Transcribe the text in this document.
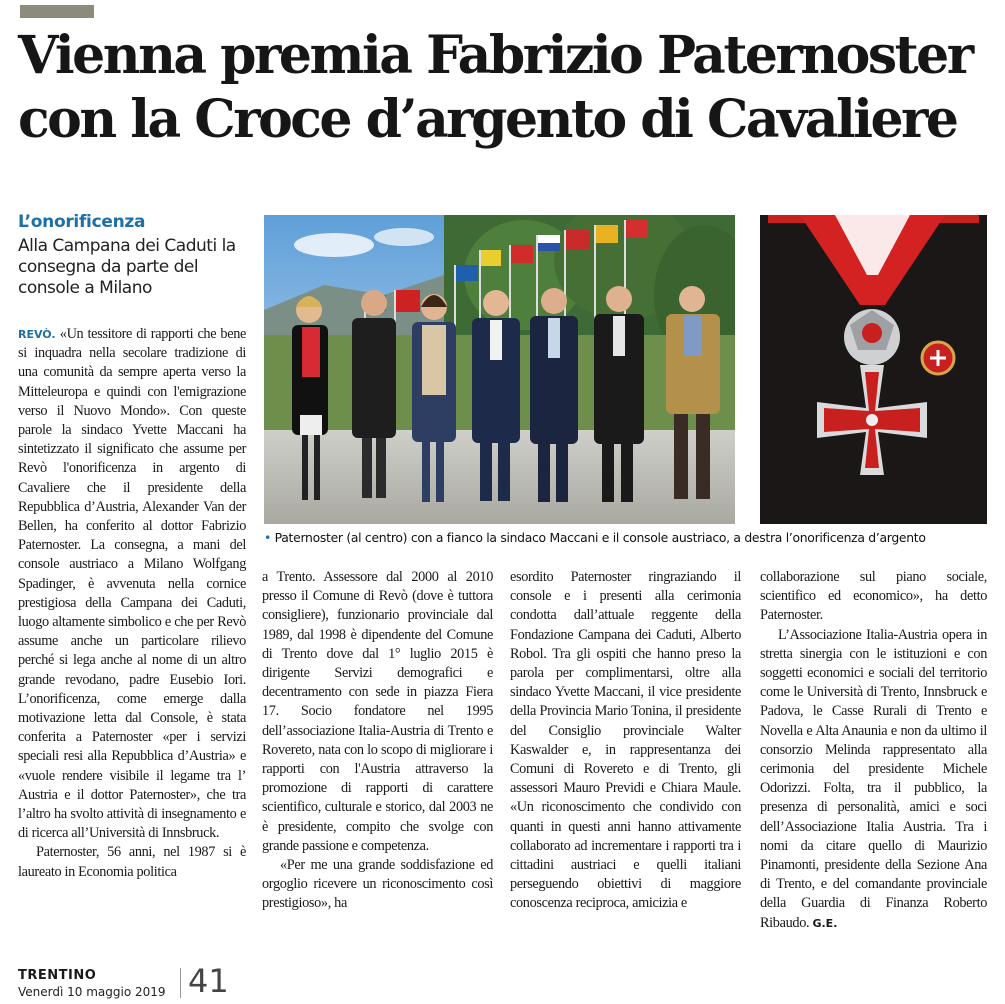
Vienna premia Fabrizio Paternoster
con la Croce d’argento di Cavaliere
L’onorificenza
Alla Campana dei Caduti la consegna da parte del console a Milano

REVÒ. «Un tessitore di rapporti che bene si inquadra nella secolare tradizione di una comunità da sempre aperta verso la Mitteleuropa e quindi con l'emigrazione verso il Nuovo Mondo». Con queste parole la sindaco Yvette Maccani ha sintetizzato il significato che assume per Revò l'onorificenza in argento di Cavaliere che il presidente della Repubblica d’Austria, Alexander Van der Bellen, ha conferito al dottor Fabrizio Paternoster. La consegna, a mani del console austriaco a Milano Wolfgang Spadinger, è avvenuta nella cornice prestigiosa della Campana dei Caduti, luogo altamente simbolico e che per Revò assume anche un particolare rilievo perché si lega anche al nome di un altro grande revodano, padre Eusebio Iori. L’onorificenza, come emerge dalla motivazione letta dal Console, è stata conferita a Paternoster «per i servizi speciali resi alla Repubblica d’Austria» e «vuole rendere visibile il legame tra l’ Austria e il dottor Paternoster», che tra l’altro ha svolto attività di insegnamento e di ricerca all’Università di Innsbruck.

Paternoster, 56 anni, nel 1987 si è laureato in Economia politica

• Paternoster (al centro) con a fianco la sindaco Maccani e il console austriaco, a destra l’onorificenza d’argento

a Trento. Assessore dal 2000 al 2010 presso il Comune di Revò (dove è tuttora consigliere), funzionario provinciale dal 1989, dal 1998 è dipendente del Comune di Trento dove dal 1° luglio 2015 è dirigente Servizi demografici e decentramento con sede in piazza Fiera 17. Socio fondatore nel 1995 dell’associazione Italia-Austria di Trento e Rovereto, nata con lo scopo di migliorare i rapporti con l'Austria attraverso la promozione di rapporti di carattere scientifico, culturale e storico, dal 2003 ne è presidente, compito che svolge con grande passione e competenza.

«Per me una grande soddisfazione ed orgoglio ricevere un riconoscimento così prestigioso», ha

esordito Paternoster ringraziando il console e i presenti alla cerimonia condotta dall’attuale reggente della Fondazione Campana dei Caduti, Alberto Robol. Tra gli ospiti che hanno preso la parola per complimentarsi, oltre alla sindaco Yvette Maccani, il vice presidente della Provincia Mario Tonina, il presidente del Consiglio provinciale Walter Kaswalder e, in rappresentanza dei Comuni di Rovereto e di Trento, gli assessori Mauro Previdi e Chiara Maule. «Un riconoscimento che condivido con quanti in questi anni hanno attivamente collaborato ad incrementare i rapporti tra i cittadini austriaci e quelli italiani perseguendo obiettivi di maggiore conoscenza reciproca, amicizia e

collaborazione sul piano sociale, scientifico ed economico», ha detto Paternoster.

L’Associazione Italia-Austria opera in stretta sinergia con le istituzioni e con soggetti economici e sociali del territorio come le Università di Trento, Innsbruck e Padova, le Casse Rurali di Trento e Novella e Alta Anaunia e non da ultimo il consorzio Melinda rappresentato alla cerimonia del presidente Michele Odorizzi. Folta, tra il pubblico, la presenza di personalità, amici e soci dell’Associazione Italia Austria. Tra i nomi da citare quello di Maurizio Pinamonti, presidente della Sezione Ana di Trento, e del comandante provinciale della Guardia di Finanza Roberto Ribaudo. G.E.

TRENTINO
Venerdì 10 maggio 2019 41
